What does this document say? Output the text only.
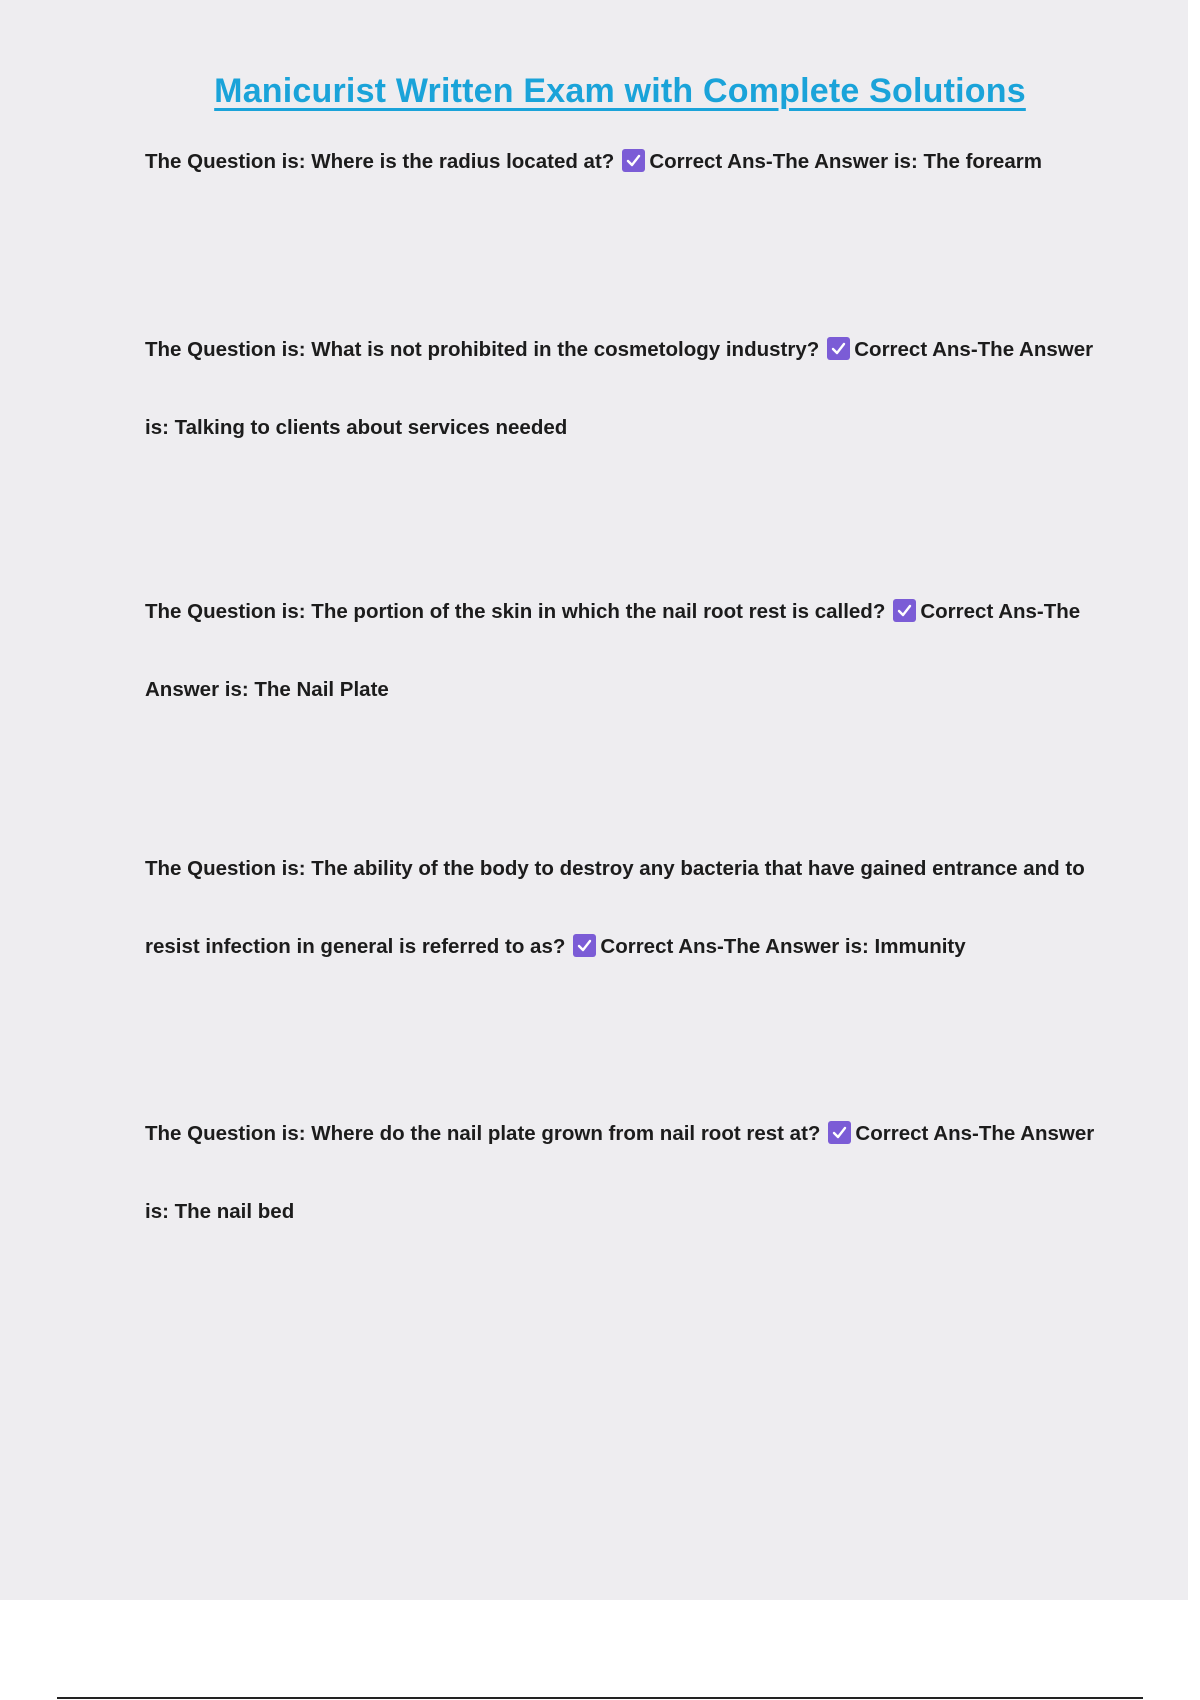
Manicurist Written Exam with Complete Solutions

The Question is: Where is the radius located at? Correct Ans-The Answer is: The forearm

The Question is: What is not prohibited in the cosmetology industry? Correct Ans-The Answer is: Talking to clients about services needed

The Question is: The portion of the skin in which the nail root rest is called? Correct Ans-The Answer is: The Nail Plate

The Question is: The ability of the body to destroy any bacteria that have gained entrance and to resist infection in general is referred to as? Correct Ans-The Answer is: Immunity

The Question is: Where do the nail plate grown from nail root rest at? Correct Ans-The Answer is: The nail bed
